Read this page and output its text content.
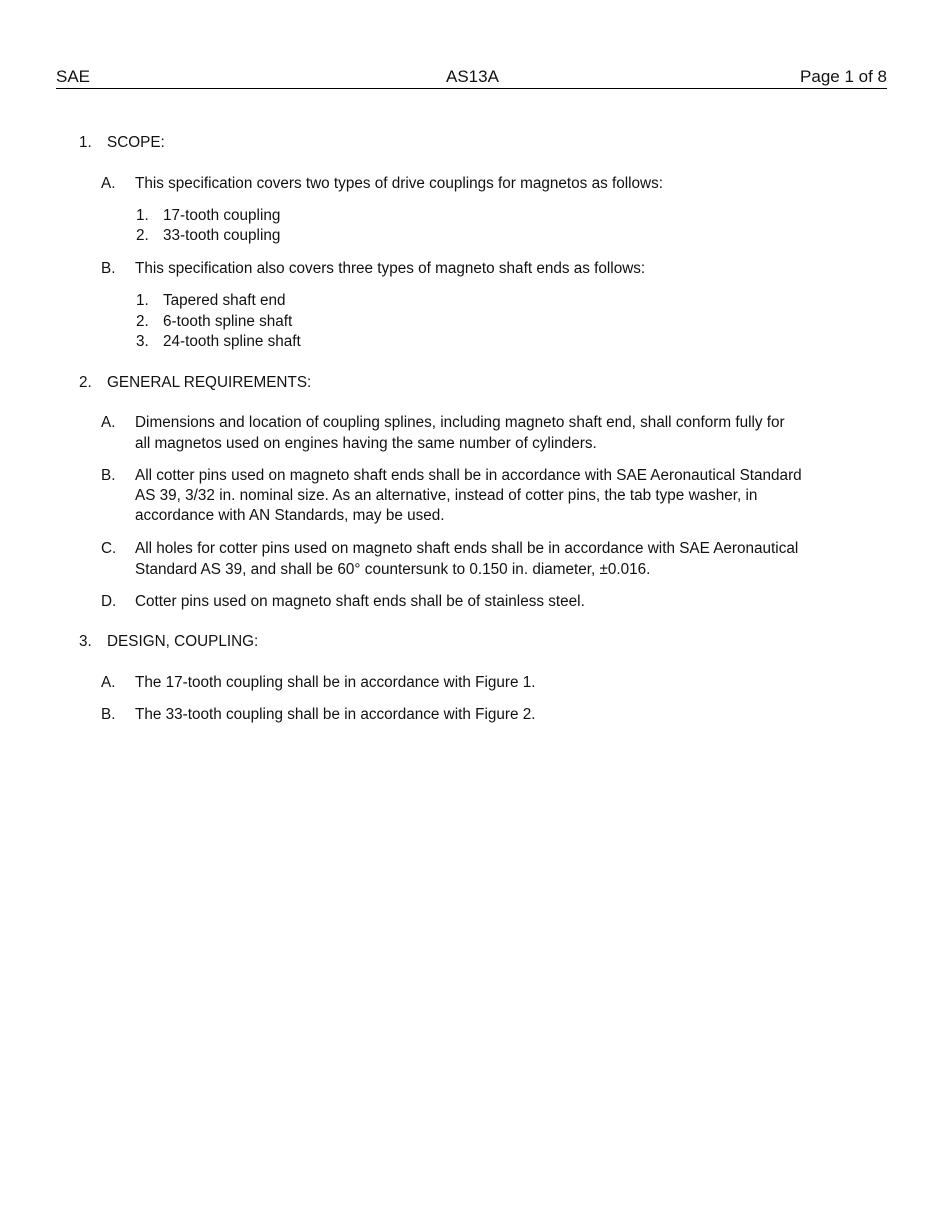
SAE	AS13A	Page 1 of 8
1. SCOPE:
A. This specification covers two types of drive couplings for magnetos as follows:
1. 17-tooth coupling
2. 33-tooth coupling
B. This specification also covers three types of magneto shaft ends as follows:
1. Tapered shaft end
2. 6-tooth spline shaft
3. 24-tooth spline shaft
2. GENERAL REQUIREMENTS:
A. Dimensions and location of coupling splines, including magneto shaft end, shall conform fully for
all magnetos used on engines having the same number of cylinders.
B. All cotter pins used on magneto shaft ends shall be in accordance with SAE Aeronautical Standard
AS 39, 3/32 in. nominal size. As an alternative, instead of cotter pins, the tab type washer, in
accordance with AN Standards, may be used.
C. All holes for cotter pins used on magneto shaft ends shall be in accordance with SAE Aeronautical
Standard AS 39, and shall be 60° countersunk to 0.150 in. diameter, ±0.016.
D. Cotter pins used on magneto shaft ends shall be of stainless steel.
3. DESIGN, COUPLING:
A. The 17-tooth coupling shall be in accordance with Figure 1.
B. The 33-tooth coupling shall be in accordance with Figure 2.
